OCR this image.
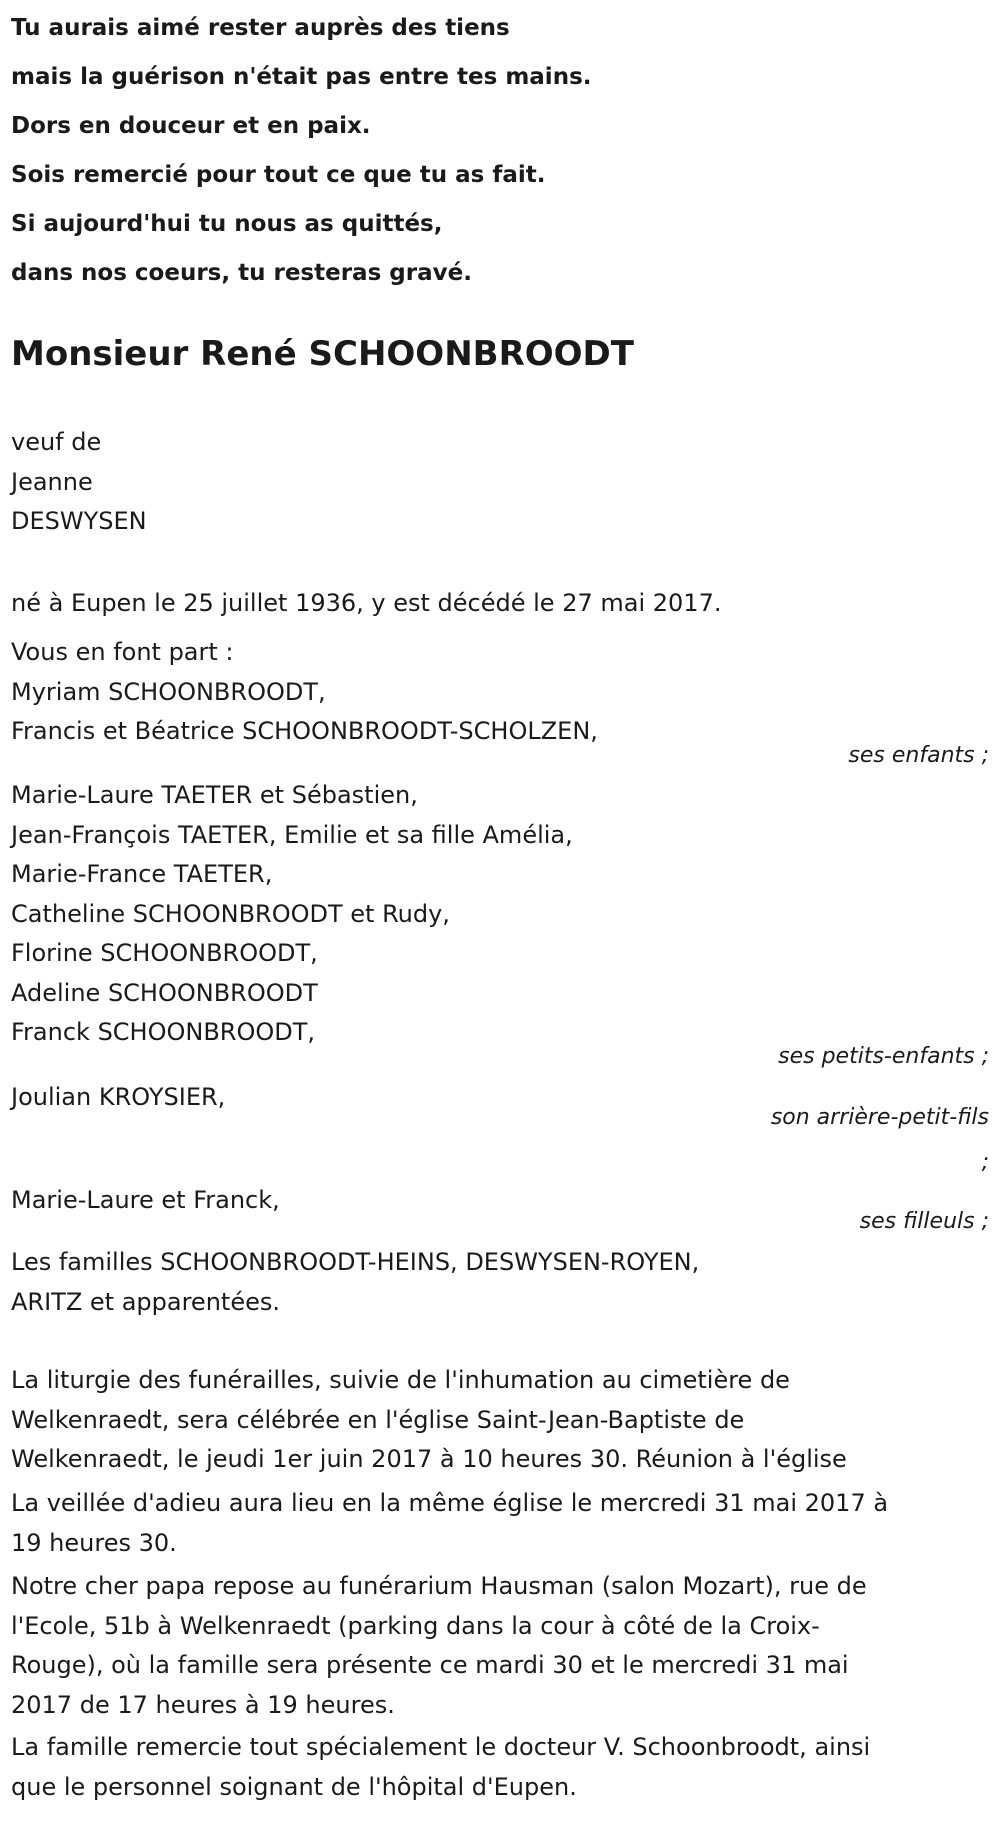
Tu aurais aimé rester auprès des tiens
mais la guérison n'était pas entre tes mains.
Dors en douceur et en paix.
Sois remercié pour tout ce que tu as fait.
Si aujourd'hui tu nous as quittés,
dans nos coeurs, tu resteras gravé.
Monsieur René SCHOONBROODT
veuf de
Jeanne
DESWYSEN
né à Eupen le 25 juillet 1936, y est décédé le 27 mai 2017.
Vous en font part :
Myriam SCHOONBROODT,
Francis et Béatrice SCHOONBROODT-SCHOLZEN,
ses enfants ;
Marie-Laure TAETER et Sébastien,
Jean-François TAETER, Emilie et sa fille Amélia,
Marie-France TAETER,
Catheline SCHOONBROODT et Rudy,
Florine SCHOONBROODT,
Adeline SCHOONBROODT
Franck SCHOONBROODT,
ses petits-enfants ;
Joulian KROYSIER,
son arrière-petit-fils
;
Marie-Laure et Franck,
ses filleuls ;
Les familles SCHOONBROODT-HEINS, DESWYSEN-ROYEN,
ARITZ et apparentées.
La liturgie des funérailles, suivie de l'inhumation au cimetière de
Welkenraedt, sera célébrée en l'église Saint-Jean-Baptiste de
Welkenraedt, le jeudi 1er juin 2017 à 10 heures 30. Réunion à l'église
La veillée d'adieu aura lieu en la même église le mercredi 31 mai 2017 à
19 heures 30.
Notre cher papa repose au funérarium Hausman (salon Mozart), rue de
l'Ecole, 51b à Welkenraedt (parking dans la cour à côté de la Croix-
Rouge), où la famille sera présente ce mardi 30 et le mercredi 31 mai
2017 de 17 heures à 19 heures.
La famille remercie tout spécialement le docteur V. Schoonbroodt, ainsi
que le personnel soignant de l'hôpital d'Eupen.
